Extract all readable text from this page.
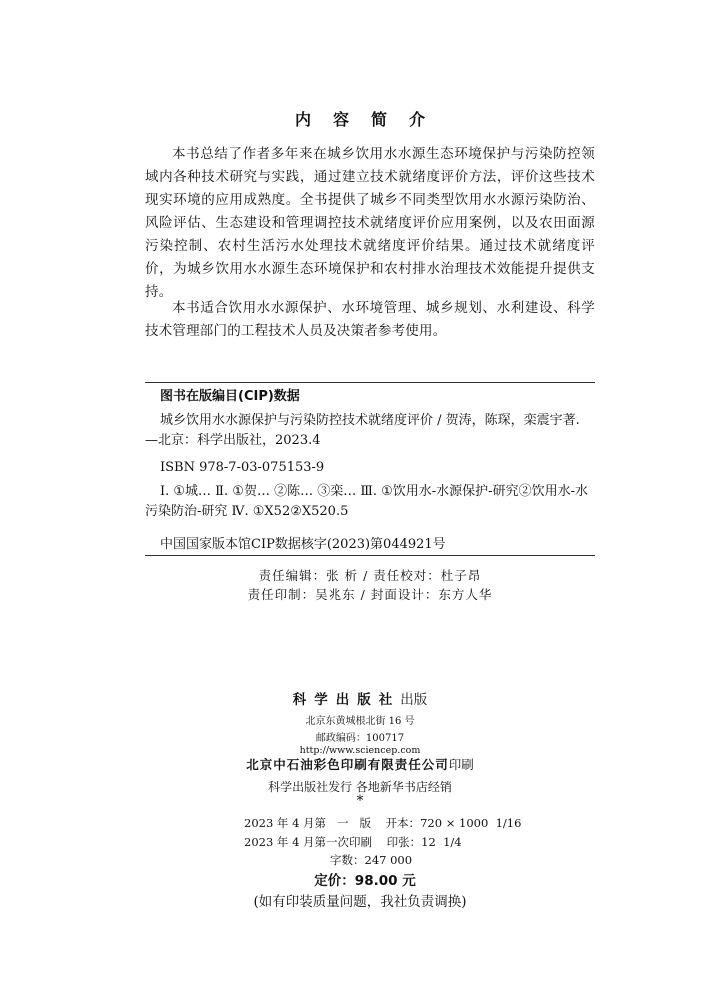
内容简介
本书总结了作者多年来在城乡饮用水水源生态环境保护与污染防控领域内各种技术研究与实践，通过建立技术就绪度评价方法，评价这些技术现实环境的应用成熟度。全书提供了城乡不同类型饮用水水源污染防治、风险评估、生态建设和管理调控技术就绪度评价应用案例，以及农田面源污染控制、农村生活污水处理技术就绪度评价结果。通过技术就绪度评价，为城乡饮用水水源生态环境保护和农村排水治理技术效能提升提供支持。
本书适合饮用水水源保护、水环境管理、城乡规划、水利建设、科学技术管理部门的工程技术人员及决策者参考使用。
图书在版编目(CIP)数据
城乡饮用水水源保护与污染防控技术就绪度评价 / 贺涛，陈琛，栾震宇著. —北京：科学出版社，2023.4
ISBN 978-7-03-075153-9
Ⅰ. ①城… Ⅱ. ①贺… ②陈… ③栾… Ⅲ. ①饮用水-水源保护-研究②饮用水-水污染防治-研究 Ⅳ. ①X52②X520.5
中国国家版本馆CIP数据核字(2023)第044921号
责任编辑：张 析 / 责任校对：杜子昂
责任印制：吴兆东 / 封面设计：东方人华
科学出版社出版
北京东黄城根北街 16 号
邮政编码：100717
http://www.sciencep.com
北京中石油彩色印刷有限责任公司印刷
科学出版社发行 各地新华书店经销
*
2023 年 4 月第   一   版    开本：720 × 1000  1/16
2023 年 4 月第一次印刷    印张：12  1/4
字数：247 000
定价：98.00 元
(如有印装质量问题，我社负责调换)
